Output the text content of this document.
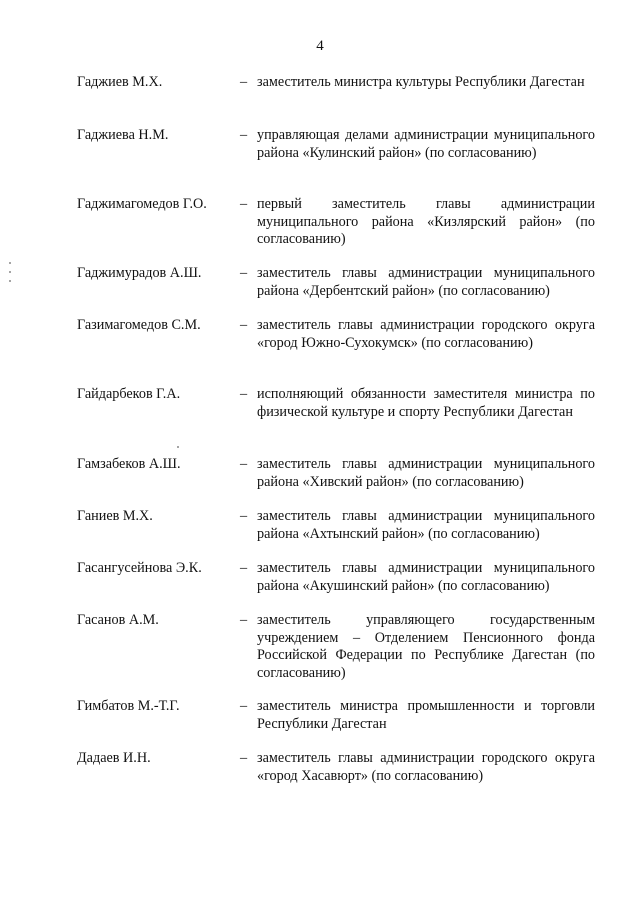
4
Гаджиев М.Х.	– заместитель министра культуры Республики Дагестан
Гаджиева Н.М.	– управляющая делами администрации муниципального района «Кулинский район» (по согласованию)
Гаджимагомедов Г.О. – первый заместитель главы администрации муниципального района «Кизлярский район» (по согласованию)
Гаджимурадов А.Ш.	– заместитель главы администрации муниципального района «Дербентский район» (по согласованию)
Газимагомедов С.М.	– заместитель главы администрации городского округа «город Южно-Сухокумск» (по согласованию)
Гайдарбеков Г.А.	– исполняющий обязанности заместителя министра по физической культуре и спорту Республики Дагестан
Гамзабеков А.Ш.	– заместитель главы администрации муниципального района «Хивский район» (по согласованию)
Ганиев М.Х.	– заместитель главы администрации муниципального района «Ахтынский район» (по согласованию)
Гасангусейнова Э.К.	– заместитель главы администрации муниципального района «Акушинский район» (по согласованию)
Гасанов А.М.	– заместитель управляющего государственным учреждением – Отделением Пенсионного фонда Российской Федерации по Республике Дагестан (по согласованию)
Гимбатов М.-Т.Г.	– заместитель министра промышленности и торговли Республики Дагестан
Дадаев И.Н.	– заместитель главы администрации городского округа «город Хасавюрт» (по согласованию)
